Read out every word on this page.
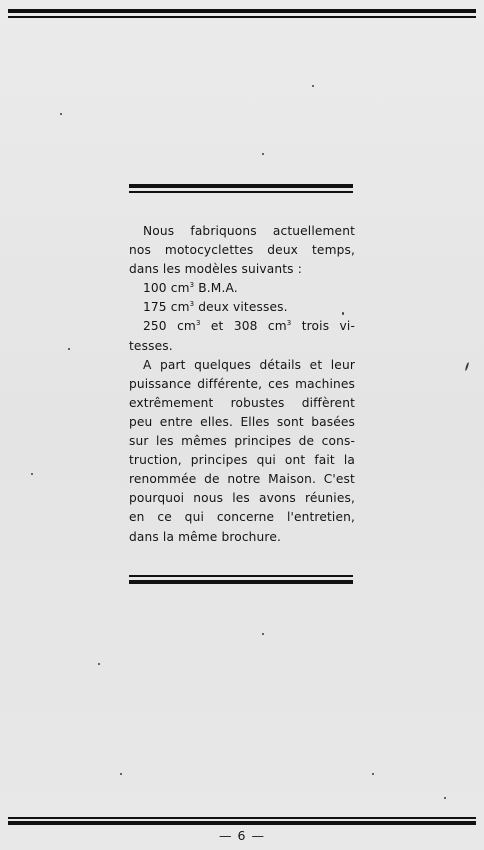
Nous fabriquons actuellement
nos motocyclettes deux temps,
dans les modèles suivants :
100 $cm^3$ B.M.A.
175 $cm^3$ deux vitesses.
250 $cm^3$ et 308 $cm^3$ trois vi-
tesses.
A part quelques détails et leur
puissance différente, ces machines
extrêmement robustes diffèrent
peu entre elles. Elles sont basées
sur les mêmes principes de cons-
truction, principes qui ont fait la
renommée de notre Maison. C'est
pourquoi nous les avons réunies,
en ce qui concerne l'entretien,
dans la même brochure.
— 6 —
